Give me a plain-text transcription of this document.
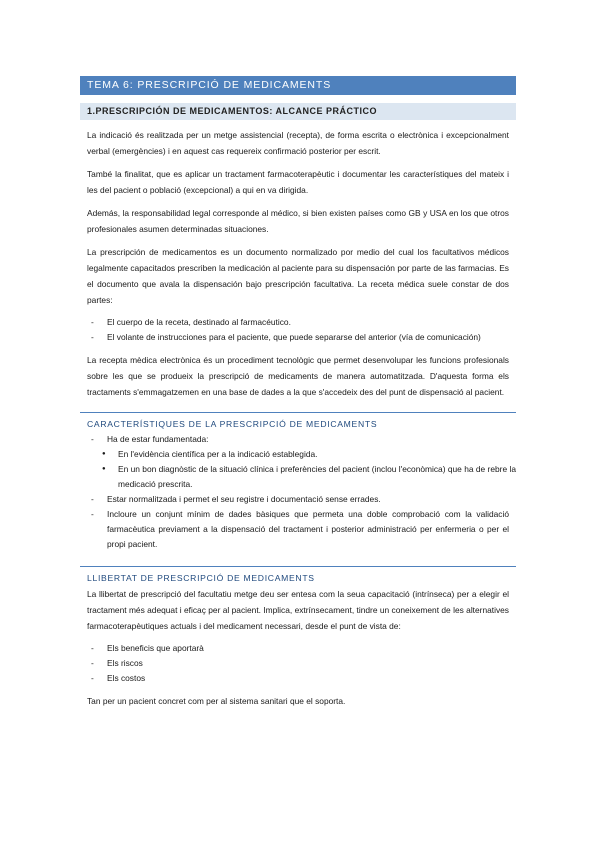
TEMA 6: PRESCRIPCIÓ DE MEDICAMENTS
1.PRESCRIPCIÓN DE MEDICAMENTOS: ALCANCE PRÁCTICO

La indicació és realitzada per un metge assistencial (recepta), de forma escrita o electrònica i excepcionalment verbal (emergències) i en aquest cas requereix confirmació posterior per escrit.

També la finalitat, que es aplicar un tractament farmacoterapèutic i documentar les característiques del mateix i les del pacient o població (excepcional) a qui en va dirigida.

Además, la responsabilidad legal corresponde al médico, si bien existen países como GB y USA en los que otros profesionales asumen determinadas situaciones.

La prescripción de medicamentos es un documento normalizado por medio del cual los facultativos médicos legalmente capacitados prescriben la medicación al paciente para su dispensación por parte de las farmacias. Es el documento que avala la dispensación bajo prescripción facultativa. La receta médica suele constar de dos partes:

- El cuerpo de la receta, destinado al farmacéutico.
- El volante de instrucciones para el paciente, que puede separarse del anterior (vía de comunicación)

La recepta mèdica electrònica és un procediment tecnològic que permet desenvolupar les funcions profesionals sobre les que se produeix la prescripció de medicaments de manera automatitzada. D'aquesta forma els tractaments s'emmagatzemen en una base de dades a la que s'accedeix des del punt de dispensació al pacient.

CARACTERÍSTIQUES DE LA PRESCRIPCIÓ DE MEDICAMENTS
- Ha de estar fundamentada:
● En l'evidència científica per a la indicació establegida.
● En un bon diagnòstic de la situació clínica i preferències del pacient (inclou l'econòmica) que ha de rebre la medicació prescrita.
- Estar normalitzada i permet el seu registre i documentació sense errades.
- Incloure un conjunt mínim de dades bàsiques que permeta una doble comprobació com la validació farmacèutica previament a la dispensació del tractament i posterior administració per enfermeria o per el propi pacient.
LLIBERTAT DE PRESCRIPCIÓ DE MEDICAMENTS

La llibertat de prescripció del facultatiu metge deu ser entesa com la seua capacitació (intrínseca) per a elegir el tractament més adequat i eficaç per al pacient. Implica, extrínsecament, tindre un coneixement de les alternatives farmacoterapèutiques actuals i del medicament necessari, desde el punt de vista de:

- Els beneficis que aportarà
- Els riscos
- Els costos

Tan per un pacient concret com per al sistema sanitari que el soporta.
